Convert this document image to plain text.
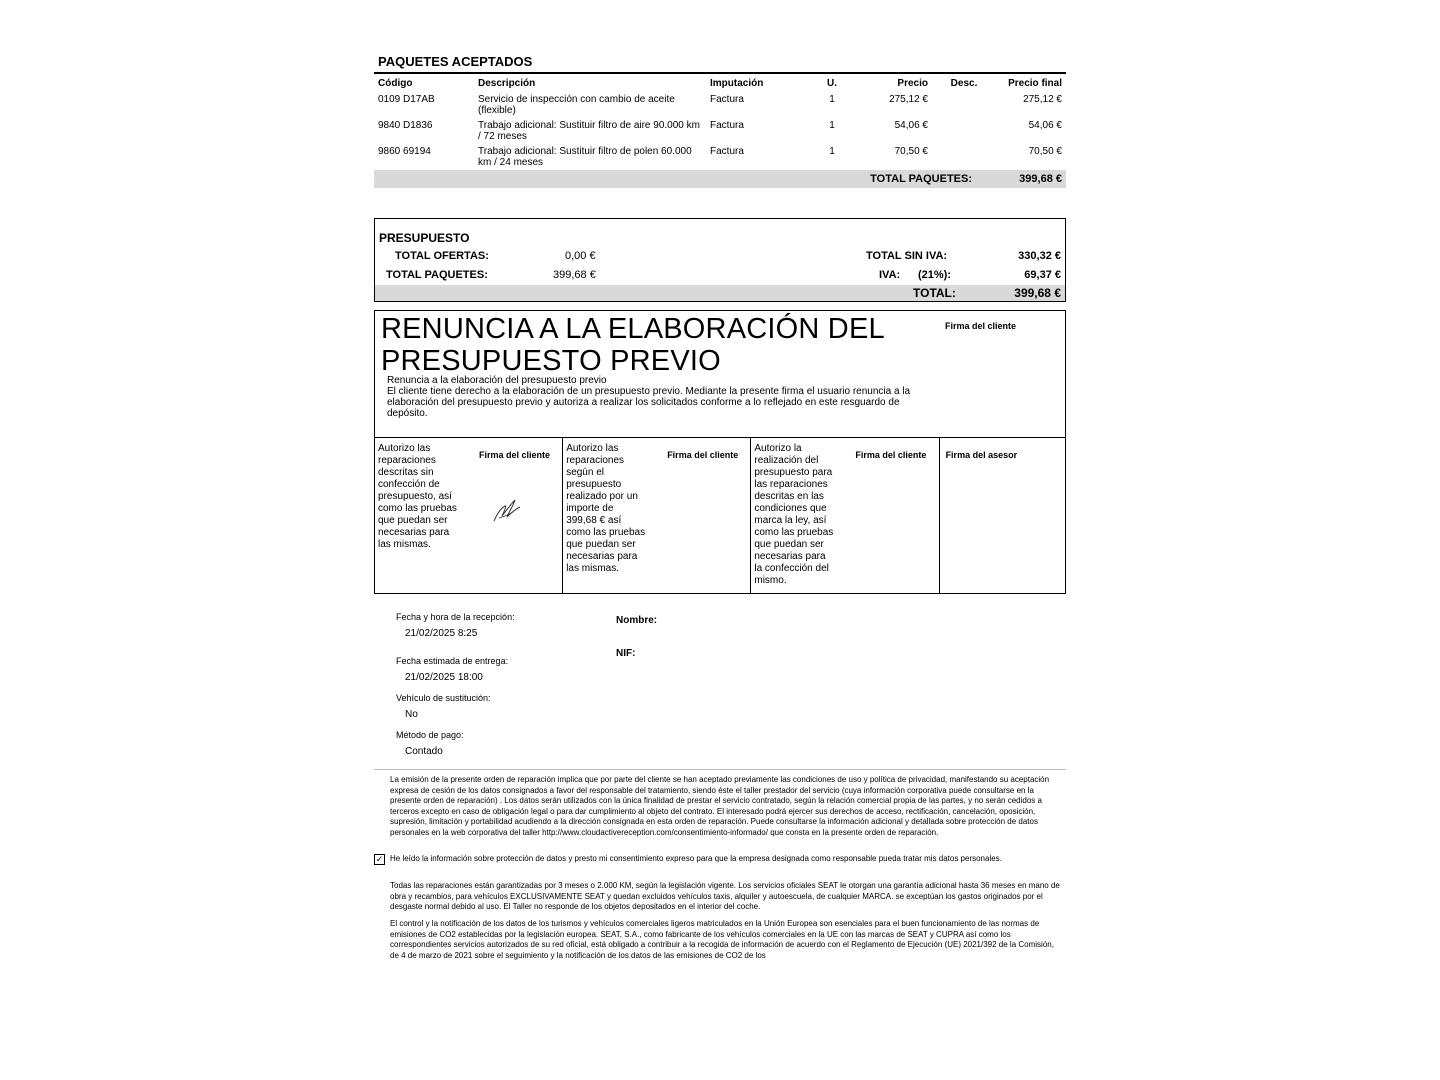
PAQUETES ACEPTADOS
Código	Descripción	Imputación	U.	Precio	Desc.	Precio final
0109 D17AB	Servicio de inspección con cambio de aceite (flexible)	Factura	1	275,12 €		275,12 €
9840 D1836	Trabajo adicional: Sustituir filtro de aire 90.000 km / 72 meses	Factura	1	54,06 €		54,06 €
9860 69194	Trabajo adicional: Sustituir filtro de polen 60.000 km / 24 meses	Factura	1	70,50 €		70,50 €
TOTAL PAQUETES:	399,68 €
PRESUPUESTO
TOTAL OFERTAS:	0,00 €
TOTAL PAQUETES:	399,68 €
TOTAL SIN IVA:	330,32 €
IVA: (21%):	69,37 €
TOTAL:	399,68 €
RENUNCIA A LA ELABORACIÓN DEL PRESUPUESTO PREVIO
Firma del cliente
Renuncia a la elaboración del presupuesto previo
El cliente tiene derecho a la elaboración de un presupuesto previo. Mediante la presente firma el usuario renuncia a la elaboración del presupuesto previo y autoriza a realizar los solicitados conforme a lo reflejado en este resguardo de depósito.
Autorizo las reparaciones descritas sin confección de presupuesto, así como las pruebas que puedan ser necesarias para las mismas.
Firma del cliente
Autorizo las reparaciones según el presupuesto realizado por un importe de 399,68 € así como las pruebas que puedan ser necesarias para las mismas.
Firma del cliente
Autorizo la realización del presupuesto para las reparaciones descritas en las condiciones que marca la ley, así como las pruebas que puedan ser necesarias para la confección del mismo.
Firma del cliente Firma del asesor
Fecha y hora de la recepción:
21/02/2025 8:25
Fecha estimada de entrega:
21/02/2025 18:00
Vehículo de sustitución:
No
Método de pago:
Contado
Nombre:
NIF:
La emisión de la presente orden de reparación implica que por parte del cliente se han aceptado previamente las condiciones de uso y política de privacidad, manifestando su aceptación expresa de cesión de los datos consignados a favor del responsable del tratamiento, siendo éste el taller prestador del servicio (cuya información corporativa puede consultarse en la presente orden de reparación) . Los datos serán utilizados con la única finalidad de prestar el servicio contratado, según la relación comercial propia de las partes, y no serán cedidos a terceros excepto en caso de obligación legal o para dar cumplimiento al objeto del contrato. El interesado podrá ejercer sus derechos de acceso, rectificación, cancelación, oposición, supresión, limitación y portabilidad acudiendo a la dirección consignada en esta orden de reparación. Puede consultarse la información adicional y detallada sobre protección de datos personales en la web corporativa del taller http://www.cloudactivereception.com/consentimiento-informado/ que consta en la presente orden de reparación.
✓ He leído la información sobre protección de datos y presto mi consentimiento expreso para que la empresa designada como responsable pueda tratar mis datos personales.
Todas las reparaciones están garantizadas por 3 meses o 2.000 KM, según la legislación vigente. Los servicios oficiales SEAT le otorgan una garantía adicional hasta 36 meses en mano de obra y recambios, para vehículos EXCLUSIVAMENTE SEAT y quedan excluidos vehículos taxis, alquiler y autoescuela, de cualquier MARCA. se exceptúan los gastos originados por el desgaste normal debido al uso. El Taller no responde de los objetos depositados en el interior del coche.
El control y la notificación de los datos de los turismos y vehículos comerciales ligeros matriculados en la Unión Europea son esenciales para el buen funcionamiento de las normas de emisiones de CO2 establecidas por la legislación europea. SEAT, S.A., como fabricante de los vehículos comerciales en la UE con las marcas de SEAT y CUPRA así como los correspondientes servicios autorizados de su red oficial, está obligado a contribuir a la recogida de información de acuerdo con el Reglamento de Ejecución (UE) 2021/392 de la Comisión, de 4 de marzo de 2021 sobre el seguimiento y la notificación de los datos de las emisiones de CO2 de los
